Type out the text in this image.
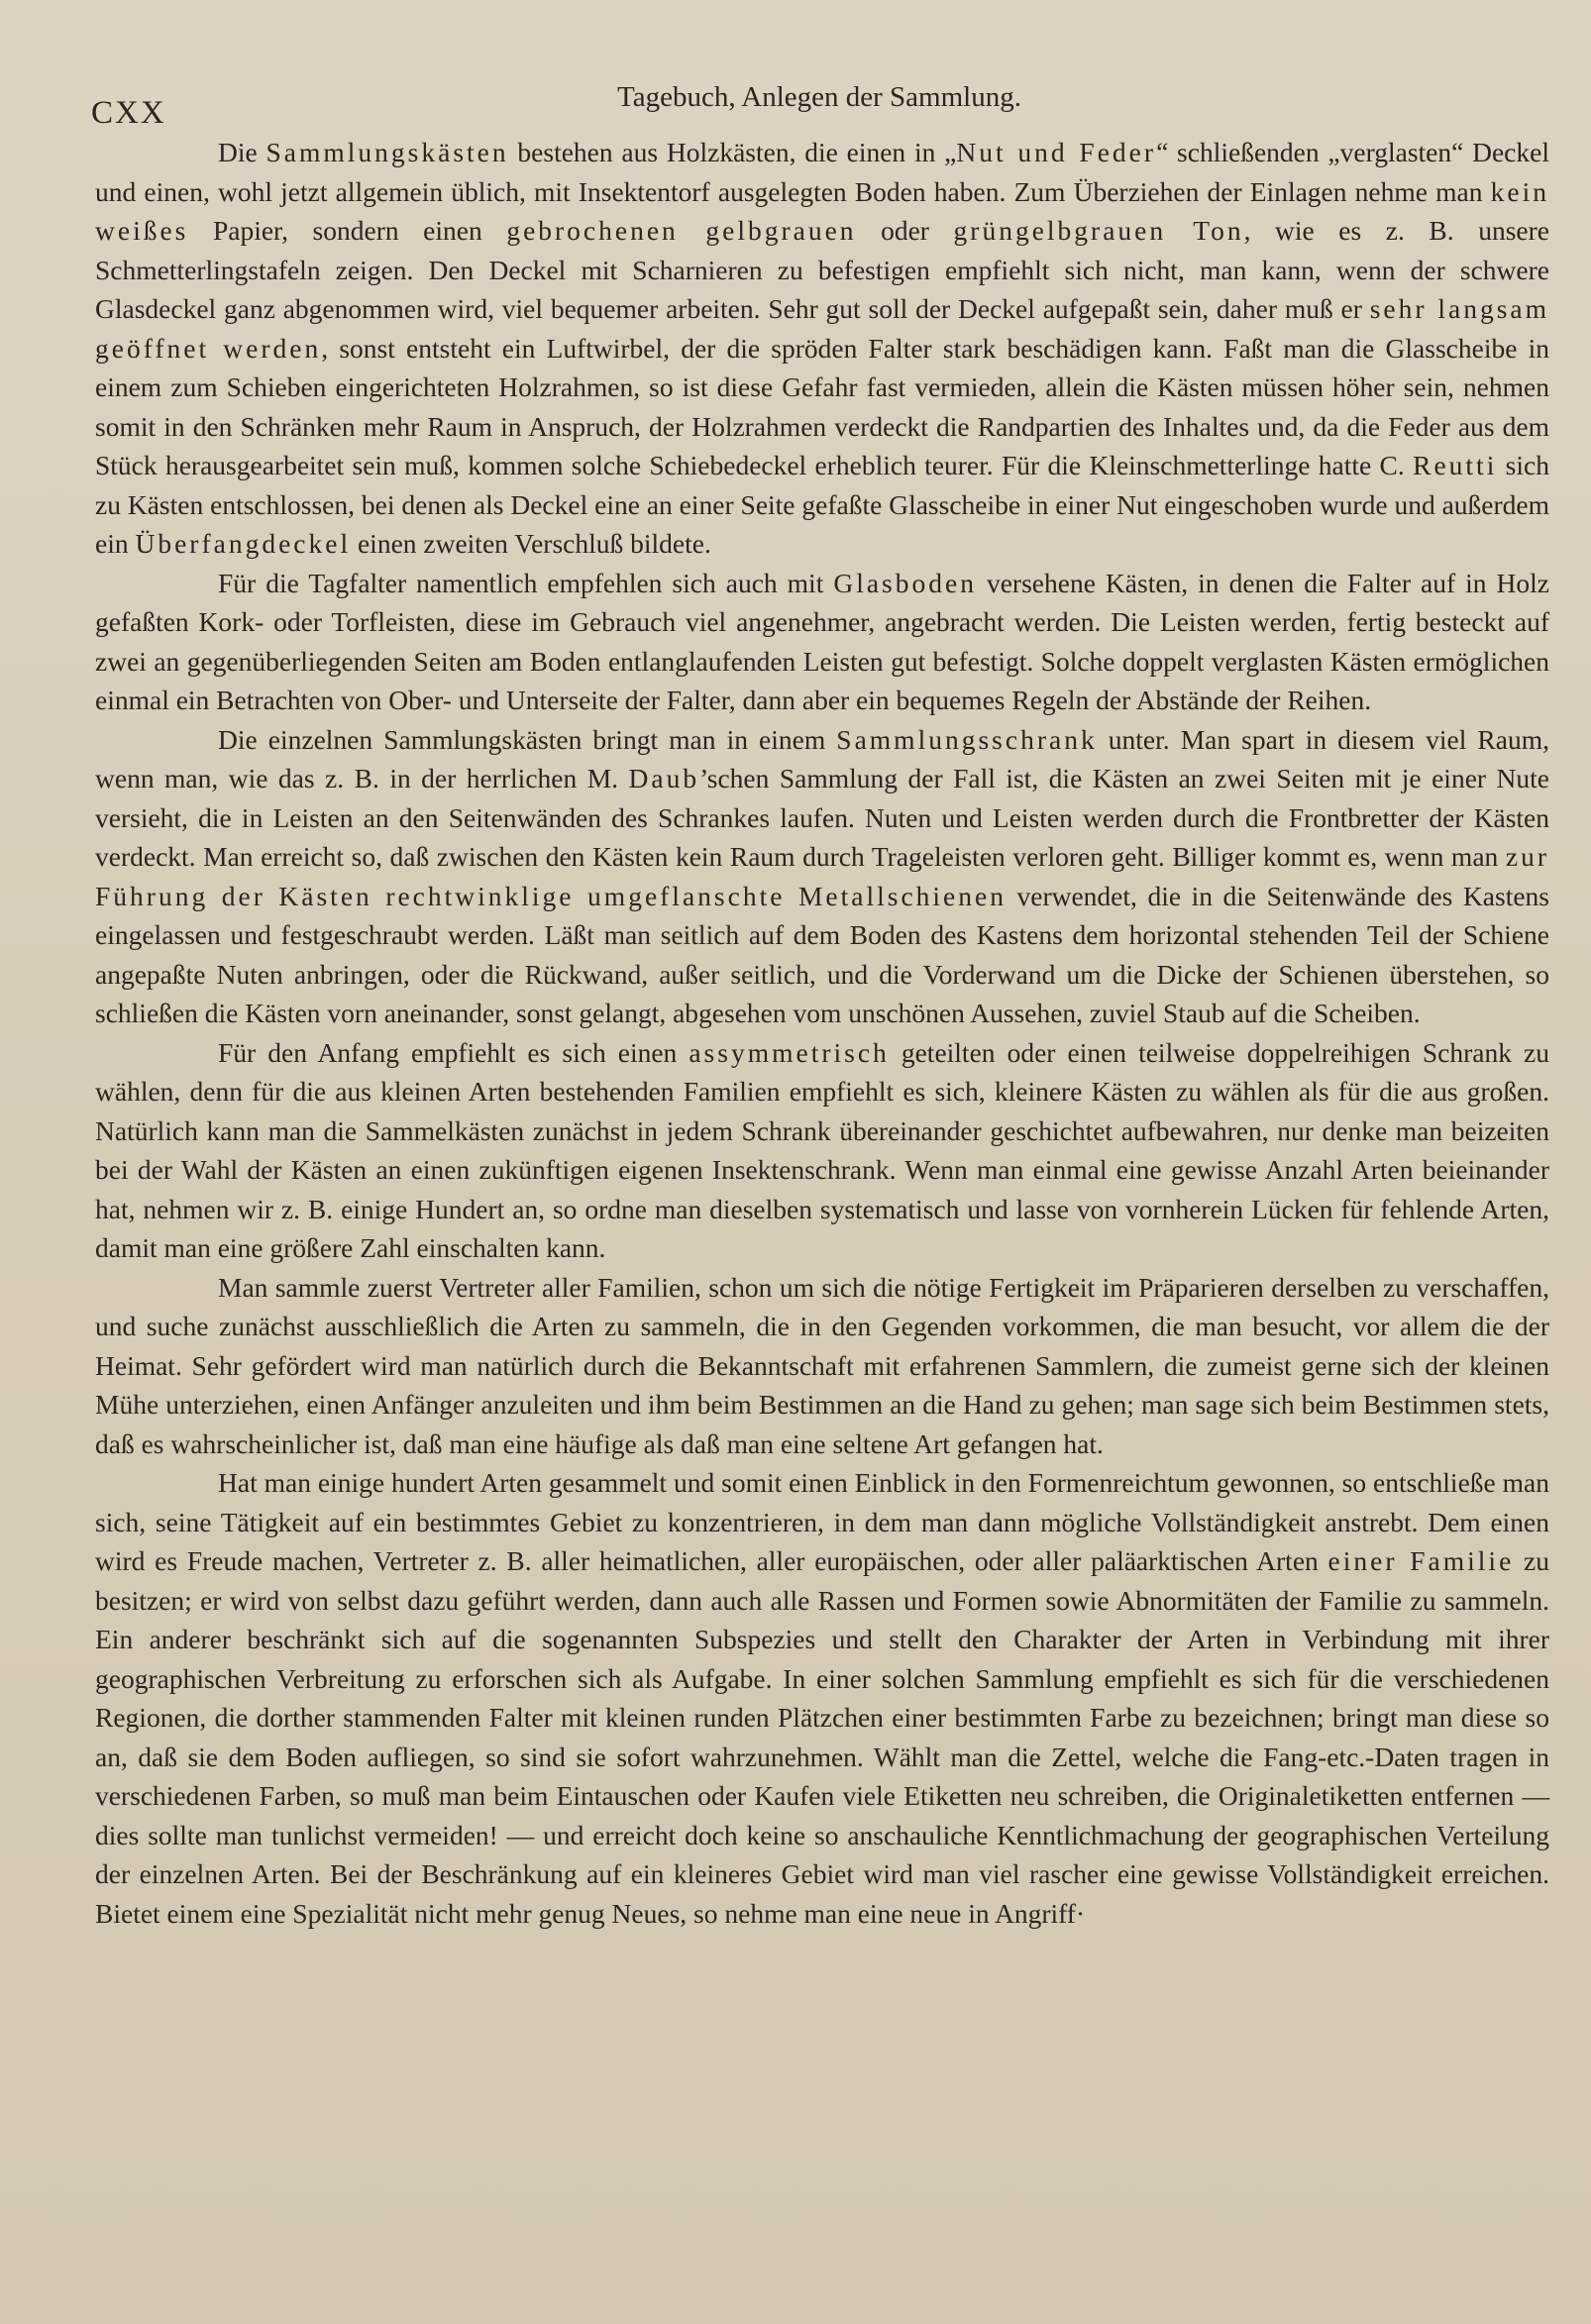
CXX	Tagebuch, Anlegen der Sammlung.

Die Sammlungskästen bestehen aus Holzkästen, die einen in „Nut und Feder“ schließenden „verglasten“ Deckel und einen, wohl jetzt allgemein üblich, mit Insektentorf ausgelegten Boden haben. Zum Überziehen der Einlagen nehme man kein weißes Papier, sondern einen gebrochenen gelbgrauen oder grüngelbgrauen Ton, wie es z. B. unsere Schmetterlingstafeln zeigen. Den Deckel mit Scharnieren zu befestigen empfiehlt sich nicht, man kann, wenn der schwere Glasdeckel ganz abgenommen wird, viel bequemer arbeiten. Sehr gut soll der Deckel aufgepaßt sein, daher muß er sehr langsam geöffnet werden, sonst entsteht ein Luftwirbel, der die spröden Falter stark beschädigen kann. Faßt man die Glasscheibe in einem zum Schieben eingerichteten Holzrahmen, so ist diese Gefahr fast vermieden, allein die Kästen müssen höher sein, nehmen somit in den Schränken mehr Raum in Anspruch, der Holzrahmen verdeckt die Randpartien des Inhaltes und, da die Feder aus dem Stück herausgearbeitet sein muß, kommen solche Schiebedeckel erheblich teurer. Für die Kleinschmetterlinge hatte C. Reutti sich zu Kästen entschlossen, bei denen als Deckel eine an einer Seite gefaßte Glasscheibe in einer Nut eingeschoben wurde und außerdem ein Überfangdeckel einen zweiten Verschluß bildete.

Für die Tagfalter namentlich empfehlen sich auch mit Glasboden versehene Kästen, in denen die Falter auf in Holz gefaßten Kork- oder Torfleisten, diese im Gebrauch viel angenehmer, angebracht werden. Die Leisten werden, fertig besteckt auf zwei an gegenüberliegenden Seiten am Boden entlanglaufenden Leisten gut befestigt. Solche doppelt verglasten Kästen ermöglichen einmal ein Betrachten von Ober- und Unterseite der Falter, dann aber ein bequemes Regeln der Abstände der Reihen.

Die einzelnen Sammlungskästen bringt man in einem Sammlungsschrank unter. Man spart in diesem viel Raum, wenn man, wie das z. B. in der herrlichen M. Daub’schen Sammlung der Fall ist, die Kästen an zwei Seiten mit je einer Nute versieht, die in Leisten an den Seitenwänden des Schrankes laufen. Nuten und Leisten werden durch die Frontbretter der Kästen verdeckt. Man erreicht so, daß zwischen den Kästen kein Raum durch Trageleisten verloren geht. Billiger kommt es, wenn man zur Führung der Kästen rechtwinklige umgeflanschte Metallschienen verwendet, die in die Seitenwände des Kastens eingelassen und festgeschraubt werden. Läßt man seitlich auf dem Boden des Kastens dem horizontal stehenden Teil der Schiene angepaßte Nuten anbringen, oder die Rückwand, außer seitlich, und die Vorderwand um die Dicke der Schienen überstehen, so schließen die Kästen vorn aneinander, sonst gelangt, abgesehen vom unschönen Aussehen, zuviel Staub auf die Scheiben.

Für den Anfang empfiehlt es sich einen assymmetrisch geteilten oder einen teilweise doppelreihigen Schrank zu wählen, denn für die aus kleinen Arten bestehenden Familien empfiehlt es sich, kleinere Kästen zu wählen als für die aus großen. Natürlich kann man die Sammelkästen zunächst in jedem Schrank übereinander geschichtet aufbewahren, nur denke man beizeiten bei der Wahl der Kästen an einen zukünftigen eigenen Insektenschrank. Wenn man einmal eine gewisse Anzahl Arten beieinander hat, nehmen wir z. B. einige Hundert an, so ordne man dieselben systematisch und lasse von vornherein Lücken für fehlende Arten, damit man eine größere Zahl einschalten kann.

Man sammle zuerst Vertreter aller Familien, schon um sich die nötige Fertigkeit im Präparieren derselben zu verschaffen, und suche zunächst ausschließlich die Arten zu sammeln, die in den Gegenden vorkommen, die man besucht, vor allem die der Heimat. Sehr gefördert wird man natürlich durch die Bekanntschaft mit erfahrenen Sammlern, die zumeist gerne sich der kleinen Mühe unterziehen, einen Anfänger anzuleiten und ihm beim Bestimmen an die Hand zu gehen; man sage sich beim Bestimmen stets, daß es wahrscheinlicher ist, daß man eine häufige als daß man eine seltene Art gefangen hat.

Hat man einige hundert Arten gesammelt und somit einen Einblick in den Formenreichtum gewonnen, so entschließe man sich, seine Tätigkeit auf ein bestimmtes Gebiet zu konzentrieren, in dem man dann mögliche Vollständigkeit anstrebt. Dem einen wird es Freude machen, Vertreter z. B. aller heimatlichen, aller europäischen, oder aller paläarktischen Arten einer Familie zu besitzen; er wird von selbst dazu geführt werden, dann auch alle Rassen und Formen sowie Abnormitäten der Familie zu sammeln. Ein anderer beschränkt sich auf die sogenannten Subspezies und stellt den Charakter der Arten in Verbindung mit ihrer geographischen Verbreitung zu erforschen sich als Aufgabe. In einer solchen Sammlung empfiehlt es sich für die verschiedenen Regionen, die dorther stammenden Falter mit kleinen runden Plätzchen einer bestimmten Farbe zu bezeichnen; bringt man diese so an, daß sie dem Boden aufliegen, so sind sie sofort wahrzunehmen. Wählt man die Zettel, welche die Fang-etc.-Daten tragen in verschiedenen Farben, so muß man beim Eintauschen oder Kaufen viele Etiketten neu schreiben, die Originaletiketten entfernen — dies sollte man tunlichst vermeiden! — und erreicht doch keine so anschauliche Kenntlichmachung der geographischen Verteilung der einzelnen Arten. Bei der Beschränkung auf ein kleineres Gebiet wird man viel rascher eine gewisse Vollständigkeit erreichen. Bietet einem eine Spezialität nicht mehr genug Neues, so nehme man eine neue in Angriff·
